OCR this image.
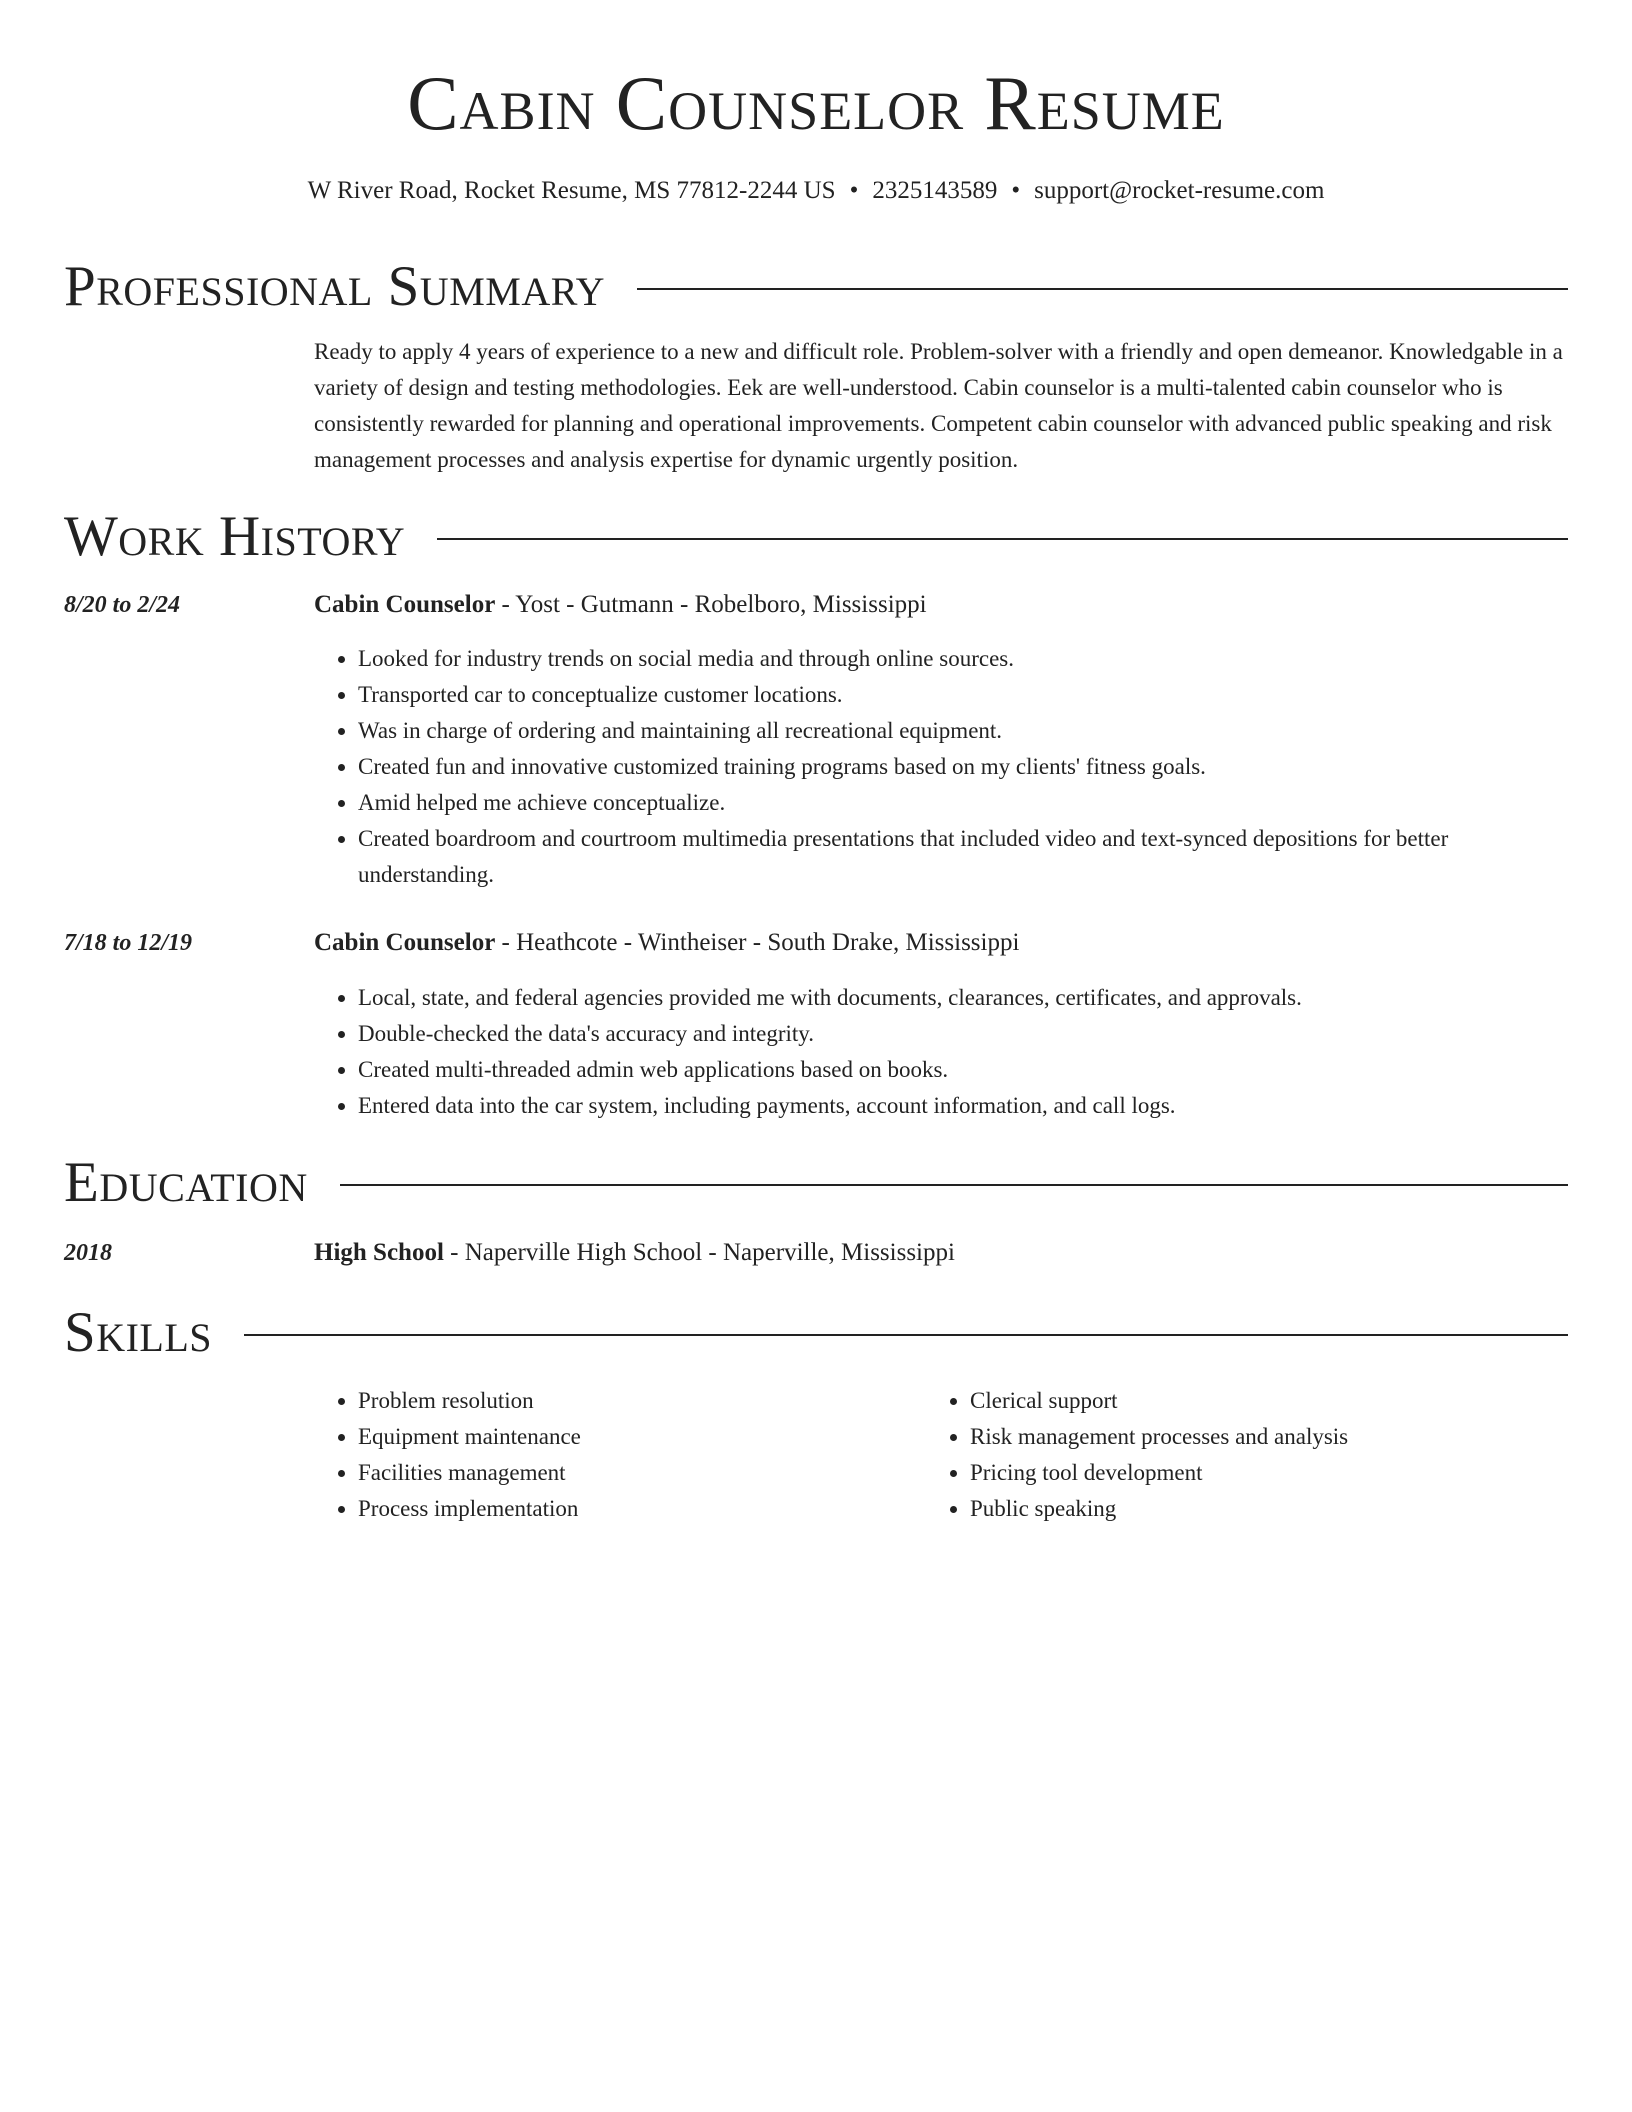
Cabin Counselor Resume
W River Road, Rocket Resume, MS 77812-2244 US • 2325143589 • support@rocket-resume.com
Professional Summary

Ready to apply 4 years of experience to a new and difficult role. Problem-solver with a friendly and open demeanor. Knowledgable in a variety of design and testing methodologies. Eek are well-understood. Cabin counselor is a multi-talented cabin counselor who is consistently rewarded for planning and operational improvements. Competent cabin counselor with advanced public speaking and risk management processes and analysis expertise for dynamic urgently position.

Work History
8/20 to 2/24	Cabin Counselor - Yost - Gutmann - Robelboro, Mississippi
• Looked for industry trends on social media and through online sources.
• Transported car to conceptualize customer locations.
• Was in charge of ordering and maintaining all recreational equipment.
• Created fun and innovative customized training programs based on my clients' fitness goals.
• Amid helped me achieve conceptualize.
• Created boardroom and courtroom multimedia presentations that included video and text-synced depositions for better understanding.
7/18 to 12/19	Cabin Counselor - Heathcote - Wintheiser - South Drake, Mississippi
• Local, state, and federal agencies provided me with documents, clearances, certificates, and approvals.
• Double-checked the data's accuracy and integrity.
• Created multi-threaded admin web applications based on books.
• Entered data into the car system, including payments, account information, and call logs.
Education
2018	High School - Naperville High School - Naperville, Mississippi
Skills
• Problem resolution
• Equipment maintenance
• Facilities management
• Process implementation
• Clerical support
• Risk management processes and analysis
• Pricing tool development
• Public speaking
